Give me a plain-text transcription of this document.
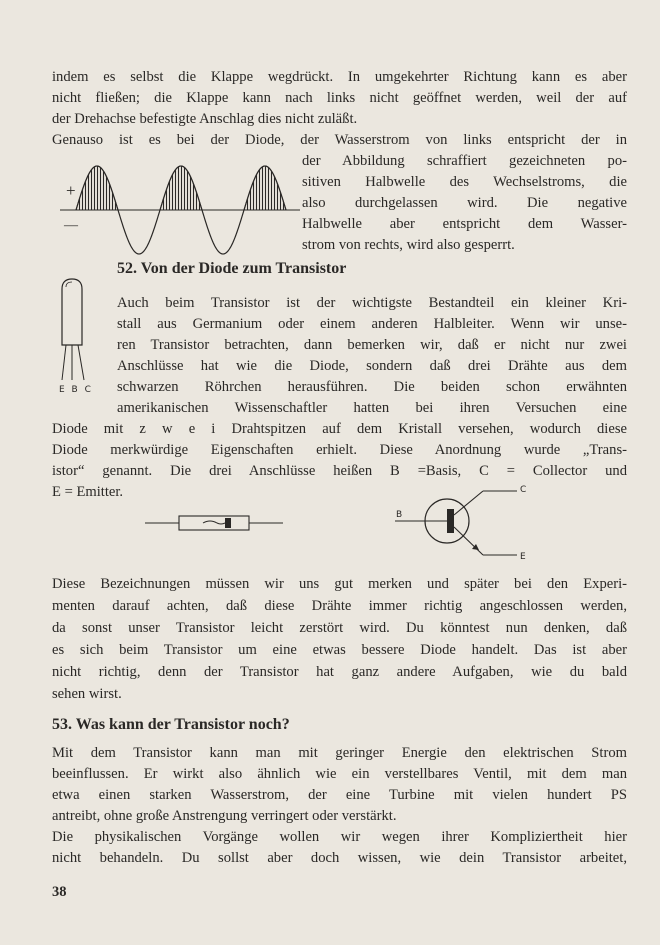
indem es selbst die Klappe wegdrückt. In umgekehrter Richtung kann es aber
nicht fließen; die Klappe kann nach links nicht geöffnet werden, weil der auf
der Drehachse befestigte Anschlag dies nicht zuläßt.
Genauso ist es bei der Diode, der Wasserstrom von links entspricht der in
+
—
der Abbildung schraffiert gezeichneten po-
sitiven Halbwelle des Wechselstroms, die
also durchgelassen wird. Die negative
Halbwelle aber entspricht dem Wasser-
strom von rechts, wird also gesperrt.
52. Von der Diode zum Transistor
E B C
Auch beim Transistor ist der wichtigste Bestandteil ein kleiner Kri-
stall aus Germanium oder einem anderen Halbleiter. Wenn wir unse-
ren Transistor betrachten, dann bemerken wir, daß er nicht nur zwei
Anschlüsse hat wie die Diode, sondern daß drei Drähte aus dem
schwarzen Röhrchen herausführen. Die beiden schon erwähnten
amerikanischen Wissenschaftler hatten bei ihren Versuchen eine
Diode mit z w e i Drahtspitzen auf dem Kristall versehen, wodurch diese
Diode merkwürdige Eigenschaften erhielt. Diese Anordnung wurde „Trans-
istor“ genannt. Die drei Anschlüsse heißen B =Basis, C = Collector und
E = Emitter.
B
C
E
Diese Bezeichnungen müssen wir uns gut merken und später bei den Experi-
menten darauf achten, daß diese Drähte immer richtig angeschlossen werden,
da sonst unser Transistor leicht zerstört wird. Du könntest nun denken, daß
es sich beim Transistor um eine etwas bessere Diode handelt. Das ist aber
nicht richtig, denn der Transistor hat ganz andere Aufgaben, wie du bald
sehen wirst.
53. Was kann der Transistor noch?
Mit dem Transistor kann man mit geringer Energie den elektrischen Strom
beeinflussen. Er wirkt also ähnlich wie ein verstellbares Ventil, mit dem man
etwa einen starken Wasserstrom, der eine Turbine mit vielen hundert PS
antreibt, ohne große Anstrengung verringert oder verstärkt.
Die physikalischen Vorgänge wollen wir wegen ihrer Kompliziertheit hier
nicht behandeln. Du sollst aber doch wissen, wie dein Transistor arbeitet,
38
